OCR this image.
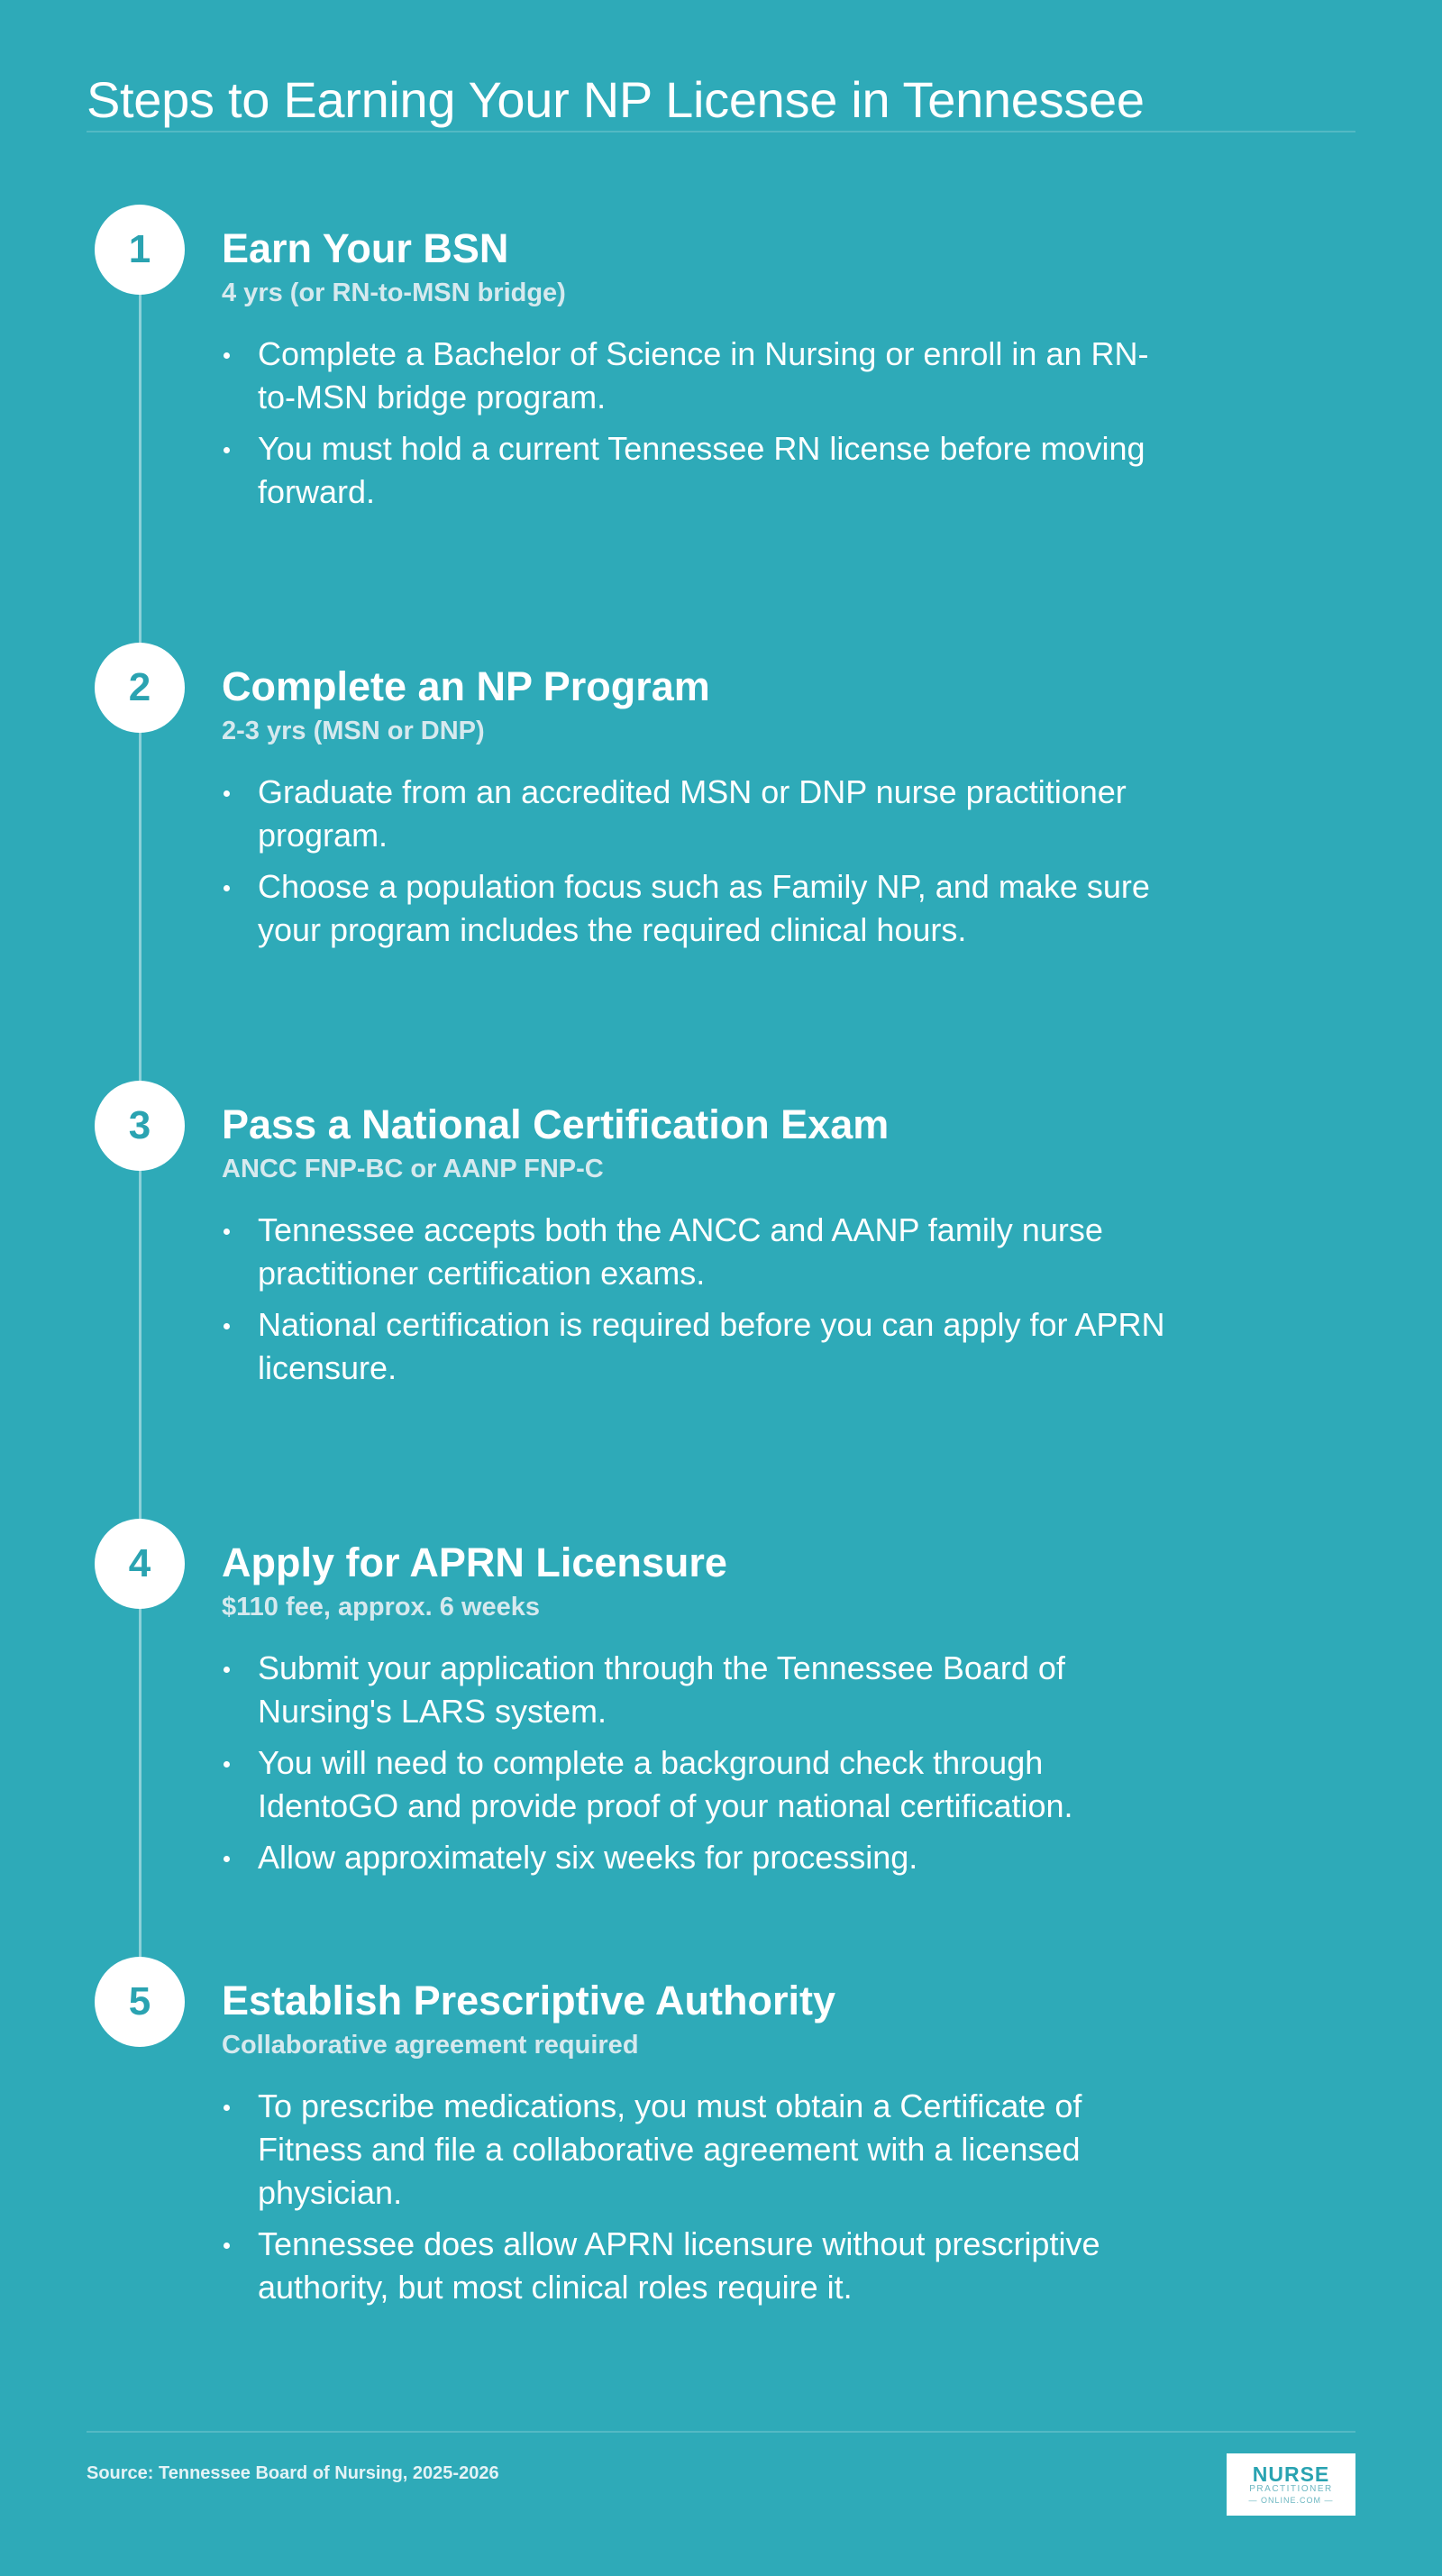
Steps to Earning Your NP License in Tennessee
1	Earn Your BSN
4 yrs (or RN-to-MSN bridge)
Complete a Bachelor of Science in Nursing or enroll in an RN-to-MSN bridge program.
You must hold a current Tennessee RN license before moving forward.
2	Complete an NP Program
2-3 yrs (MSN or DNP)
Graduate from an accredited MSN or DNP nurse practitioner program.
Choose a population focus such as Family NP, and make sure your program includes the required clinical hours.
3	Pass a National Certification Exam
ANCC FNP-BC or AANP FNP-C
Tennessee accepts both the ANCC and AANP family nurse practitioner certification exams.
National certification is required before you can apply for APRN licensure.
4	Apply for APRN Licensure
$110 fee, approx. 6 weeks
Submit your application through the Tennessee Board of Nursing's LARS system.
You will need to complete a background check through IdentoGO and provide proof of your national certification.
Allow approximately six weeks for processing.
5	Establish Prescriptive Authority
Collaborative agreement required
To prescribe medications, you must obtain a Certificate of Fitness and file a collaborative agreement with a licensed physician.
Tennessee does allow APRN licensure without prescriptive authority, but most clinical roles require it.
Source: Tennessee Board of Nursing, 2025-2026	NURSE
PRACTITIONER
— ONLINE.COM —
